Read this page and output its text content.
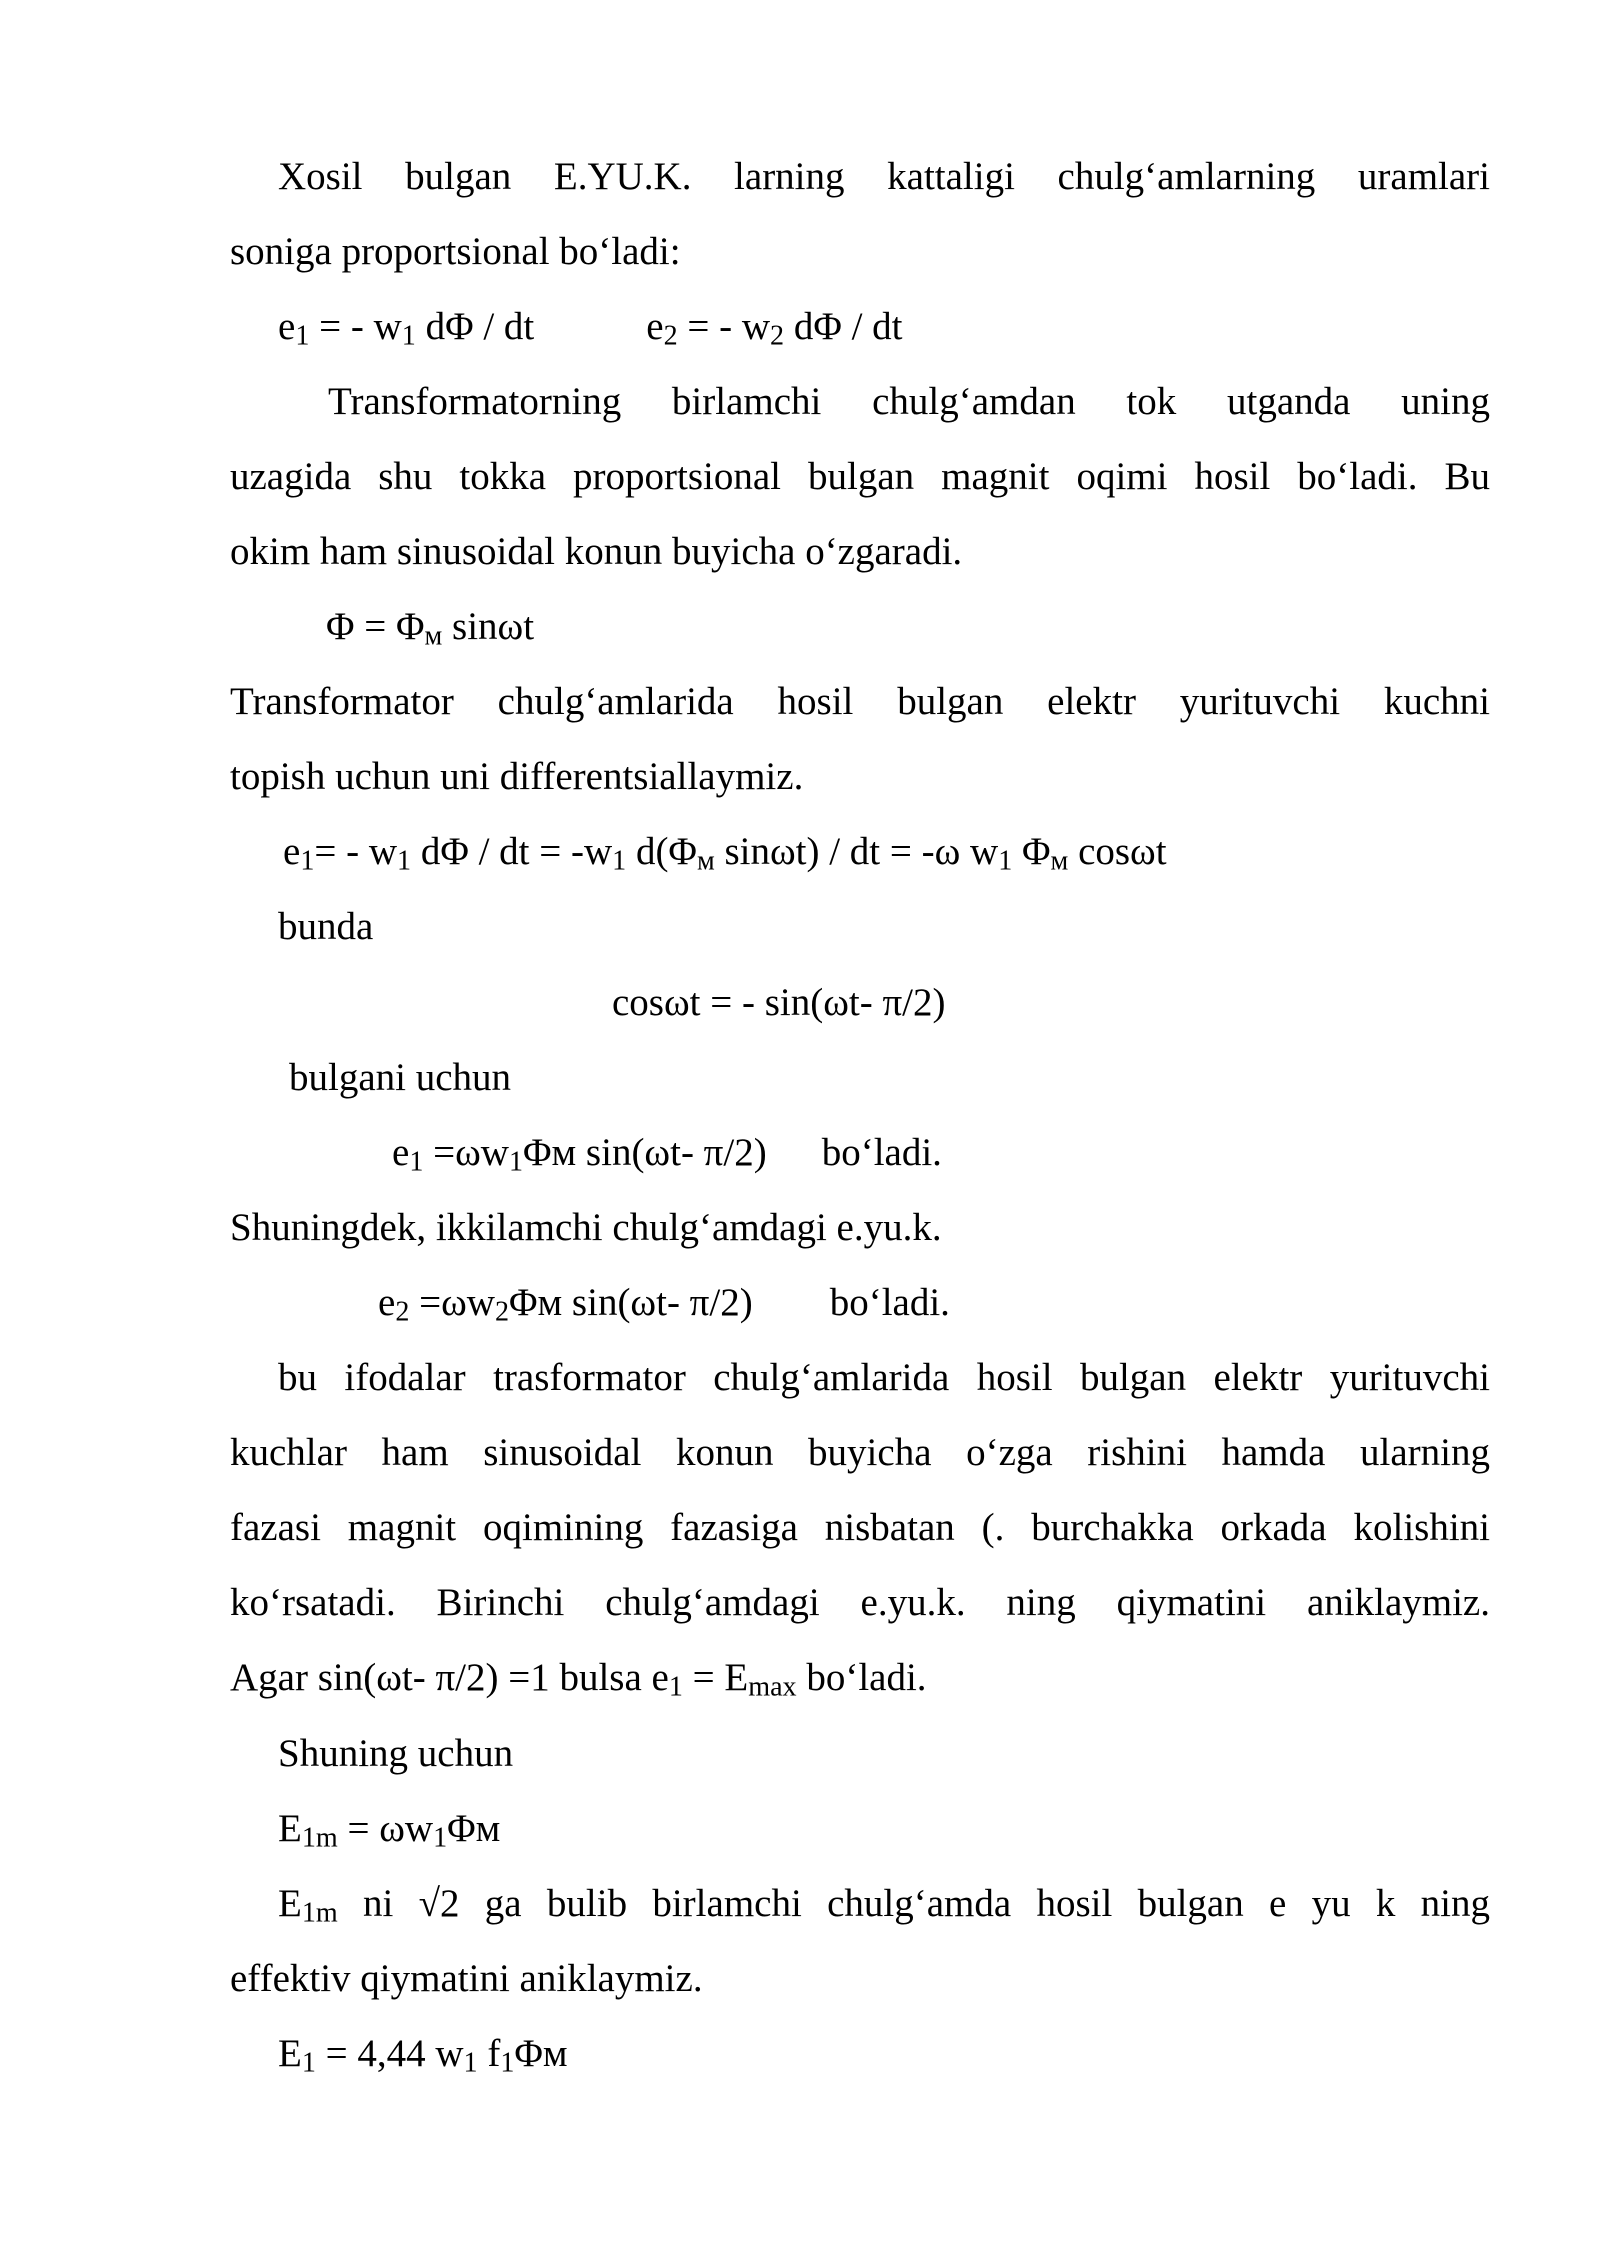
Xosil bulgan E.YU.K. larning kattaligi chulg‘amlarning uramlari
soniga proportsional bo‘ladi:
$e_1$ = - $w_1$ dΦ / dt	$e_2$ = - $w_2$ dΦ / dt
Transformatorning birlamchi chulg‘amdan tok utganda uning
uzagida shu tokka proportsional bulgan magnit oqimi hosil bo‘ladi. Bu
okim ham sinusoidal konun buyicha o‘zgaradi.
$\Phi = \Phi_м$ sinωt
Transformator chulg‘amlarida hosil bulgan elektr yurituvchi kuchni
topish uchun uni differentsiallaymiz.
$e_1= - w_1$ dΦ / dt = $-w_1$ $d(\Phi_м$ sinωt) / dt = -ω $w_1$ $\Phi_м$ cosωt
bunda
cosωt = - sin(ωt- π/2)
bulgani uchun
$e_1 =\omega w_1\Phi м$ sin(ωt- π/2) bo‘ladi.
Shuningdek, ikkilamchi chulg‘amdagi e.yu.k.
$e_2 =\omega w_2\Phi м$ sin(ωt- π/2) bo‘ladi.
bu ifodalar trasformator chulg‘amlarida hosil bulgan elektr yurituvchi
kuchlar ham sinusoidal konun buyicha o‘zga rishini hamda ularning
fazasi magnit oqimining fazasiga nisbatan (. burchakka orkada kolishini
ko‘rsatadi. Birinchi chulg‘amdagi e.yu.k. ning qiymatini aniklaymiz.
Agar sin(ωt- π/2) =1 bulsa $e_1 = E_{max}$ bo‘ladi.
Shuning uchun
$E_{1m} = \omega w_1\Phi м$
$E_{1m}$ ni √2 ga bulib birlamchi chulg‘amda hosil bulgan e yu k ning
effektiv qiymatini aniklaymiz.
$E_1 = 4,44$ $w_1$ $f_1\Phi м$
